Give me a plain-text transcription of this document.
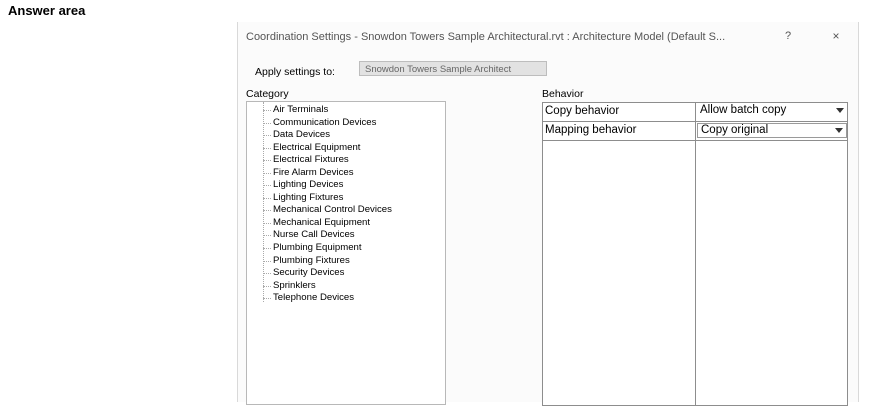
Answer area
Coordination Settings - Snowdon Towers Sample Architectural.rvt : Architecture Model (Default S...	?	×
Apply settings to:	Snowdon Towers Sample Architect
Category
Air Terminals
Communication Devices
Data Devices
Electrical Equipment
Electrical Fixtures
Fire Alarm Devices
Lighting Devices
Lighting Fixtures
Mechanical Control Devices
Mechanical Equipment
Nurse Call Devices
Plumbing Equipment
Plumbing Fixtures
Security Devices
Sprinklers
Telephone Devices
Behavior
Copy behavior	Allow batch copy
Mapping behavior	Copy original
